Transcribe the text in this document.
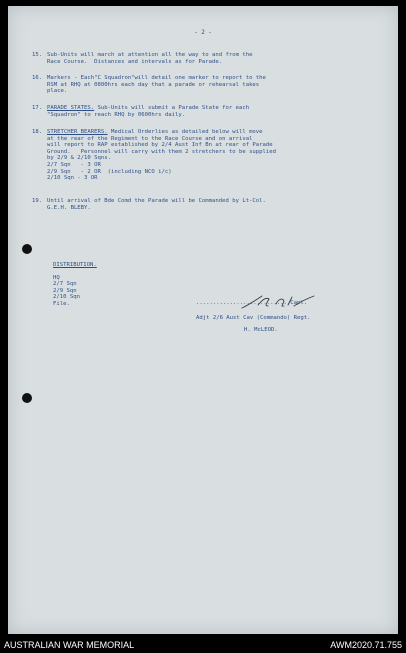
- 2 -
15. Sub-Units will march at attention all the way to and from the

Race Course.  Distances and intervals as for Parade.

16. Markers - Each"C Squadron"will detail one marker to report to the

RSM at RHQ at 0800hrs each day that a parade or rehearsal takes

place.

17. PARADE STATES. Sub-Units will submit a Parade State for each

"Squadron" to reach RHQ by 0600hrs daily.

18. STRETCHER BEARERS. Medical Orderlies as detailed below will move

at the rear of the Regiment to the Race Course and on arrival

will report to RAP established by 2/4 Aust Inf Bn at rear of Parade

Ground.   Personnel will carry with them 2 stretchers to be supplied

by 2/9 & 2/10 Sqns.

2/7 Sqn   - 3 OR

2/9 Sqn   - 2 OR  (including NCO i/c)

2/10 Sqn - 3 OR

19. Until arrival of Bde Comd the Parade will be Commanded by Lt-Col.

G.E.H. BLEBY.

DISTRIBUTION.

HQ

2/7 Sqn

2/9 Sqn

2/10 Sqn

File.	............................Capt.

Adjt 2/6 Aust Cav (Commando) Regt.

H. McLEOD.

AUSTRALIAN WAR MEMORIAL	AWM2020.71.755
